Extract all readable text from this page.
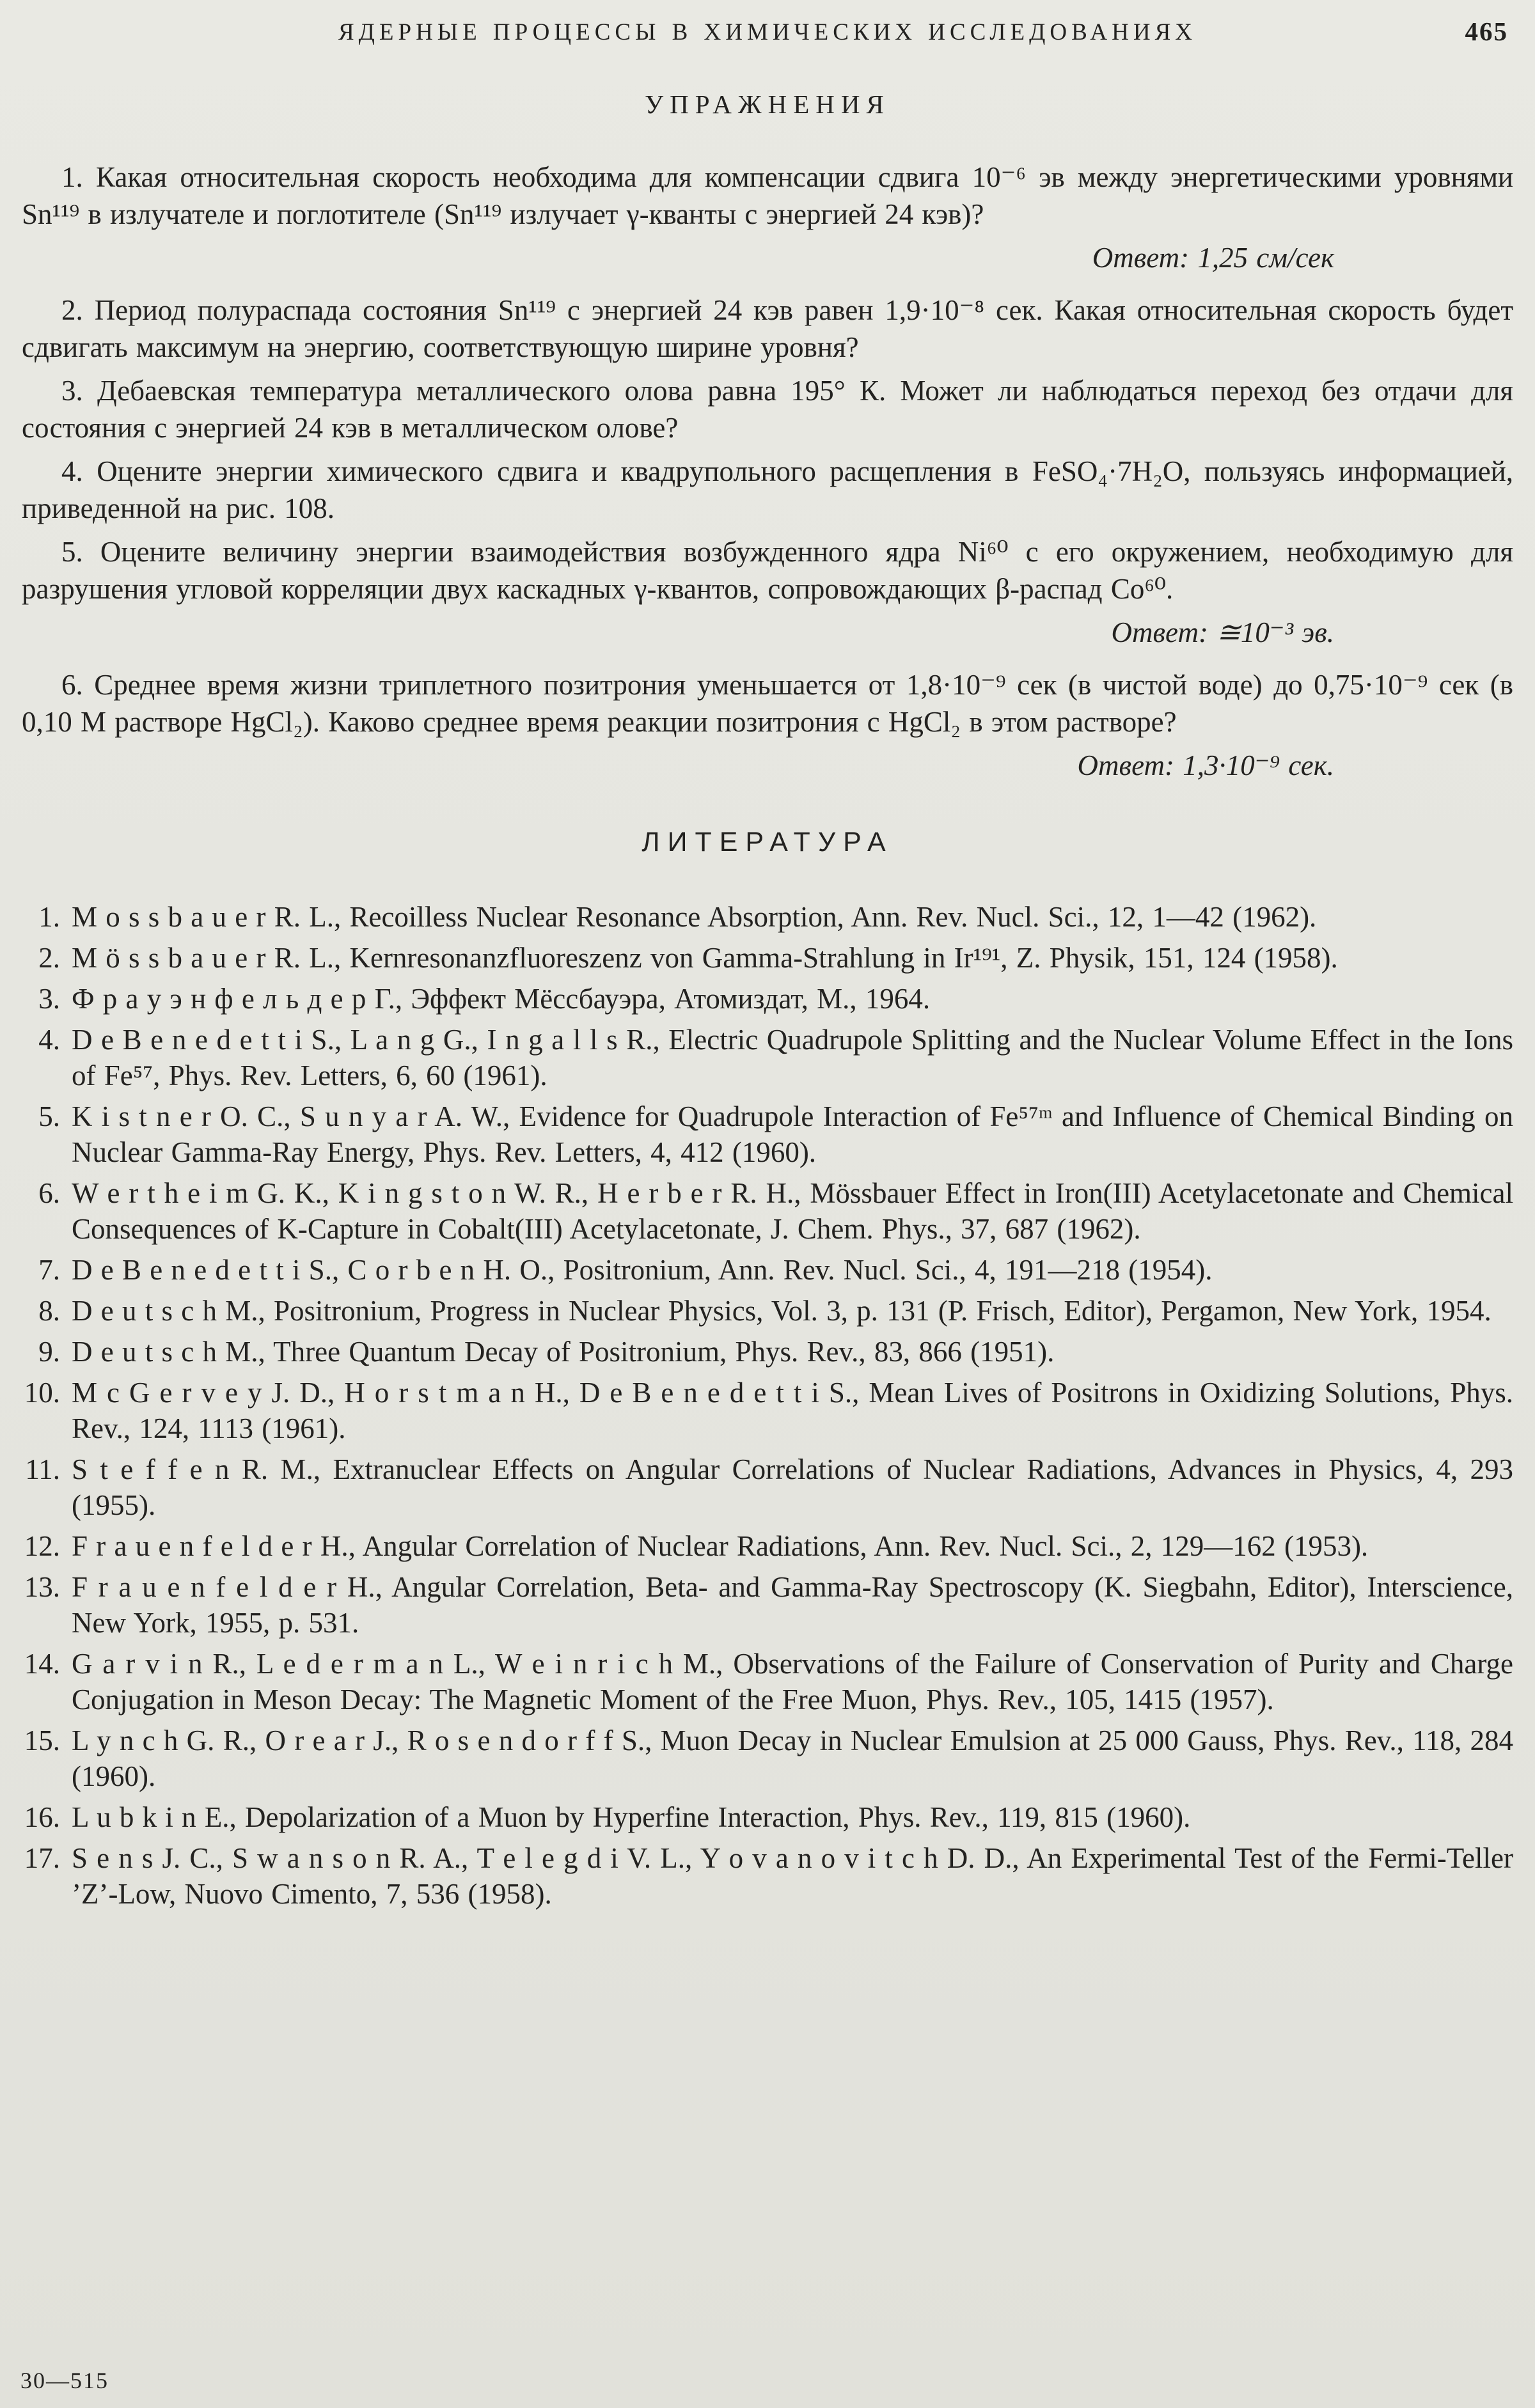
ЯДЕРНЫЕ ПРОЦЕССЫ В ХИМИЧЕСКИХ ИССЛЕДОВАНИЯХ	465
УПРАЖНЕНИЯ

1. Какая относительная скорость необходима для компенсации сдвига 10⁻⁶ эв между энергетическими уровнями Sn¹¹⁹ в излучателе и поглотителе (Sn¹¹⁹ излучает γ-кванты с энергией 24 кэв)?

Ответ: 1,25 см/сек

2. Период полураспада состояния Sn¹¹⁹ с энергией 24 кэв равен 1,9·10⁻⁸ сек. Какая относительная скорость будет сдвигать максимум на энергию, соответствующую ширине уровня?

3. Дебаевская температура металлического олова равна 195° К. Может ли наблюдаться переход без отдачи для состояния с энергией 24 кэв в металлическом олове?

4. Оцените энергии химического сдвига и квадрупольного расщепления в FeSO₄·7H₂O, пользуясь информацией, приведенной на рис. 108.

5. Оцените величину энергии взаимодействия возбужденного ядра Ni⁶⁰ с его окружением, необходимую для разрушения угловой корреляции двух каскадных γ-квантов, сопровождающих β-распад Co⁶⁰.

Ответ: ≅10⁻³ эв.

6. Среднее время жизни триплетного позитрония уменьшается от 1,8·10⁻⁹ сек (в чистой воде) до 0,75·10⁻⁹ сек (в 0,10 M растворе HgCl₂). Каково среднее время реакции позитрония с HgCl₂ в этом растворе?

Ответ: 1,3·10⁻⁹ сек.

ЛИТЕРАТУРА
1. M o s s b a u e r R. L., Recoilless Nuclear Resonance Absorption, Ann. Rev. Nucl. Sci., 12, 1—42 (1962).
2. M ö s s b a u e r R. L., Kernresonanzfluoreszenz von Gamma-Strahlung in Ir¹⁹¹, Z. Physik, 151, 124 (1958).
3. Ф р а у э н ф е л ь д е р Г., Эффект Мёссбауэра, Атомиздат, М., 1964.
4. D e B e n e d e t t i S., L a n g G., I n g a l l s R., Electric Quadrupole Splitting and the Nuclear Volume Effect in the Ions of Fe⁵⁷, Phys. Rev. Letters, 6, 60 (1961).
5. K i s t n e r O. C., S u n y a r A. W., Evidence for Quadrupole Interaction of Fe⁵⁷ᵐ and Influence of Chemical Binding on Nuclear Gamma-Ray Energy, Phys. Rev. Letters, 4, 412 (1960).
6. W e r t h e i m G. K., K i n g s t o n W. R., H e r b e r R. H., Mössbauer Effect in Iron(III) Acetylacetonate and Chemical Consequences of K-Capture in Cobalt(III) Acetylacetonate, J. Chem. Phys., 37, 687 (1962).
7. D e B e n e d e t t i S., C o r b e n H. O., Positronium, Ann. Rev. Nucl. Sci., 4, 191—218 (1954).
8. D e u t s c h M., Positronium, Progress in Nuclear Physics, Vol. 3, p. 131 (P. Frisch, Editor), Pergamon, New York, 1954.
9. D e u t s c h M., Three Quantum Decay of Positronium, Phys. Rev., 83, 866 (1951).
10. M c G e r v e y J. D., H o r s t m a n H., D e B e n e d e t t i S., Mean Lives of Positrons in Oxidizing Solutions, Phys. Rev., 124, 1113 (1961).
11. S t e f f e n R. M., Extranuclear Effects on Angular Correlations of Nuclear Radiations, Advances in Physics, 4, 293 (1955).
12. F r a u e n f e l d e r H., Angular Correlation of Nuclear Radiations, Ann. Rev. Nucl. Sci., 2, 129—162 (1953).
13. F r a u e n f e l d e r H., Angular Correlation, Beta- and Gamma-Ray Spectroscopy (K. Siegbahn, Editor), Interscience, New York, 1955, p. 531.
14. G a r v i n R., L e d e r m a n L., W e i n r i c h M., Observations of the Failure of Conservation of Purity and Charge Conjugation in Meson Decay: The Magnetic Moment of the Free Muon, Phys. Rev., 105, 1415 (1957).
15. L y n c h G. R., O r e a r J., R o s e n d o r f f S., Muon Decay in Nuclear Emulsion at 25 000 Gauss, Phys. Rev., 118, 284 (1960).
16. L u b k i n E., Depolarization of a Muon by Hyperfine Interaction, Phys. Rev., 119, 815 (1960).
17. S e n s J. C., S w a n s o n R. A., T e l e g d i V. L., Y o v a n o v i t c h D. D., An Experimental Test of the Fermi-Teller ’Z’-Low, Nuovo Cimento, 7, 536 (1958).
30—515
